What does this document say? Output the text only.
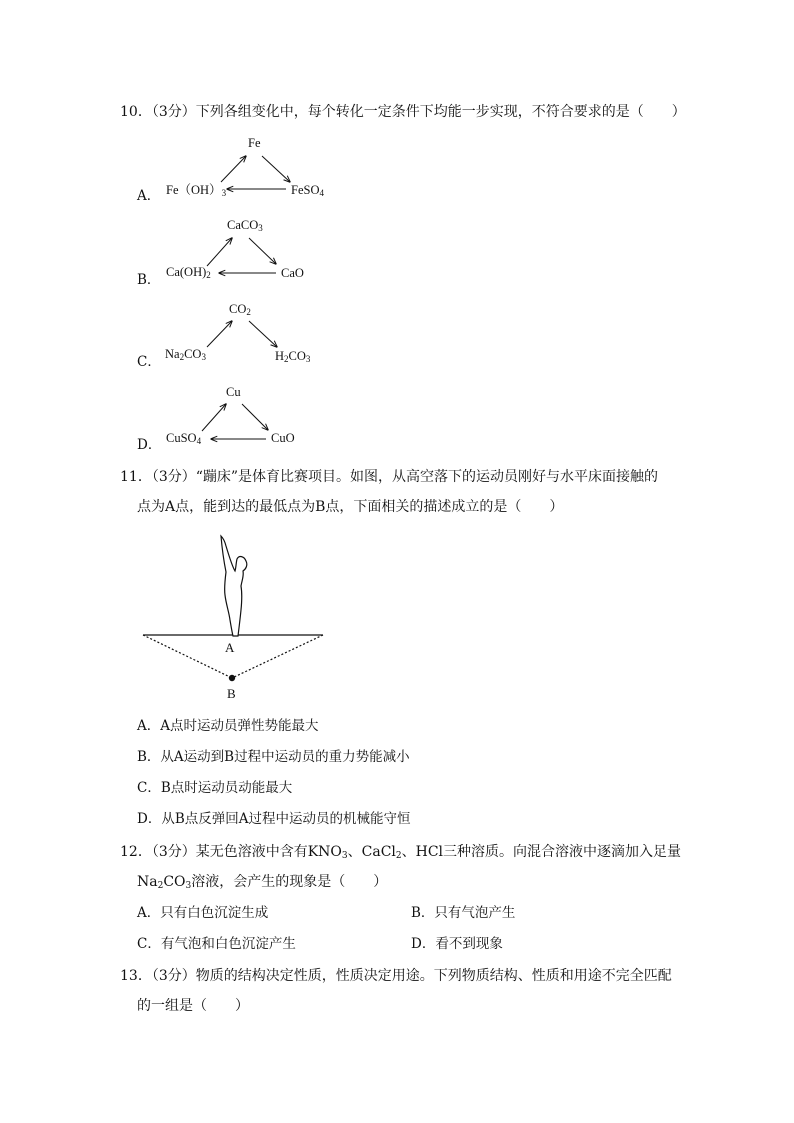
10．（3分）下列各组变化中，每个转化一定条件下均能一步实现，不符合要求的是（　　）
A．
Fe
$Fe(OH)_3$	FeSO$_4$
B．
CaCO$_3$
$Ca(OH)_2$	CaO
C．
$CO_2$
$Na_2CO_3$	$H_2CO_3$
D．
Cu
CuSO$_4$	CuO
11．（3分）“蹦床”是体育比赛项目。如图，从高空落下的运动员刚好与水平床面接触的
点为A点，能到达的最低点为B点，下面相关的描述成立的是（　　）
A
B
A．A点时运动员弹性势能最大
B．从A运动到B过程中运动员的重力势能减小
C．B点时运动员动能最大
D．从B点反弹回A过程中运动员的机械能守恒
12．（3分）某无色溶液中含有$KNO_3$、CaCl$_2$、HCl三种溶质。向混合溶液中逐滴加入足量
$Na_2CO_3$溶液，会产生的现象是（　　）
A．只有白色沉淀生成	B．只有气泡产生
C．有气泡和白色沉淀产生	D．看不到现象
13．（3分）物质的结构决定性质，性质决定用途。下列物质结构、性质和用途不完全匹配
的一组是（　　）
